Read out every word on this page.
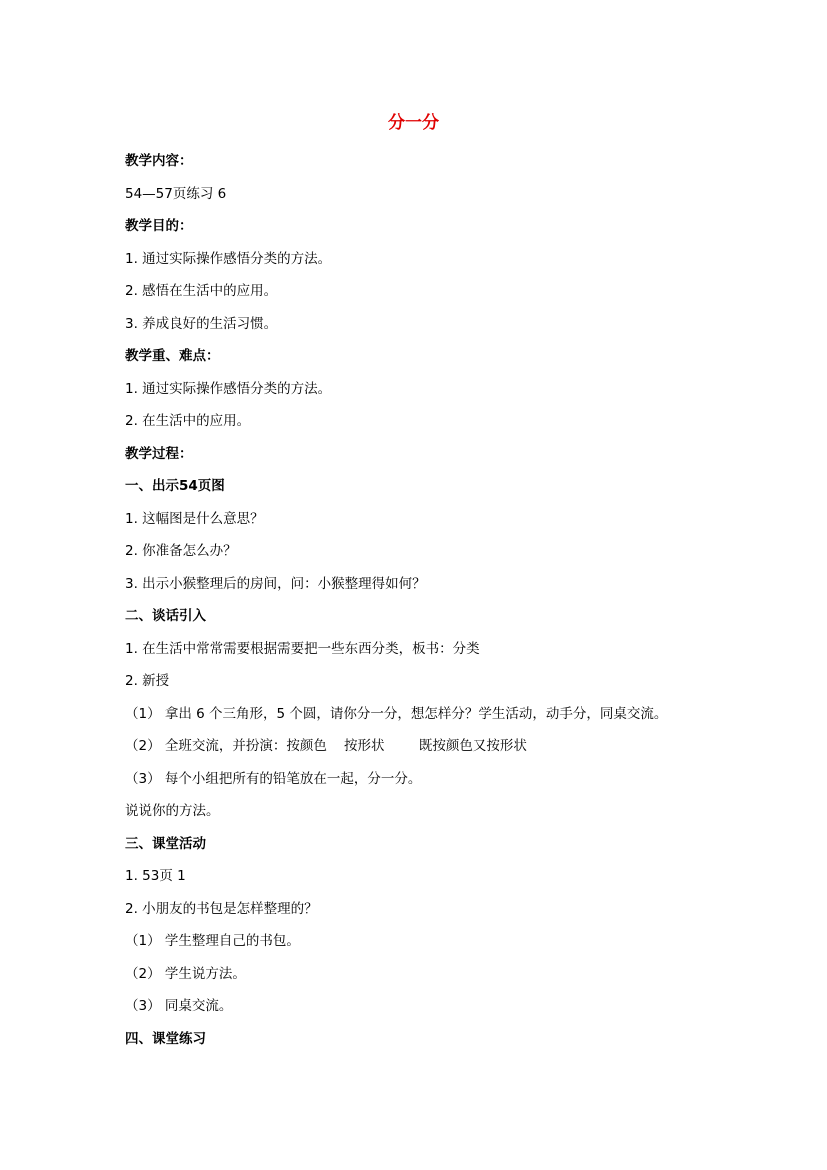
分一分
教学内容：
54—57页练习 6
教学目的：
1. 通过实际操作感悟分类的方法。
2. 感悟在生活中的应用。
3. 养成良好的生活习惯。
教学重、难点：
1. 通过实际操作感悟分类的方法。
2. 在生活中的应用。
教学过程：
一、出示54页图
1. 这幅图是什么意思？
2. 你准备怎么办？
3. 出示小猴整理后的房间，问：小猴整理得如何？
二、谈话引入
1. 在生活中常常需要根据需要把一些东西分类，板书：分类
2. 新授
（1） 拿出 6 个三角形，5 个圆，请你分一分，想怎样分？学生活动，动手分，同桌交流。
（2） 全班交流，并扮演：按颜色    按形状        既按颜色又按形状
（3） 每个小组把所有的铅笔放在一起，分一分。
说说你的方法。
三、课堂活动
1. 53页 1
2. 小朋友的书包是怎样整理的？
（1） 学生整理自己的书包。
（2） 学生说方法。
（3） 同桌交流。
四、课堂练习
